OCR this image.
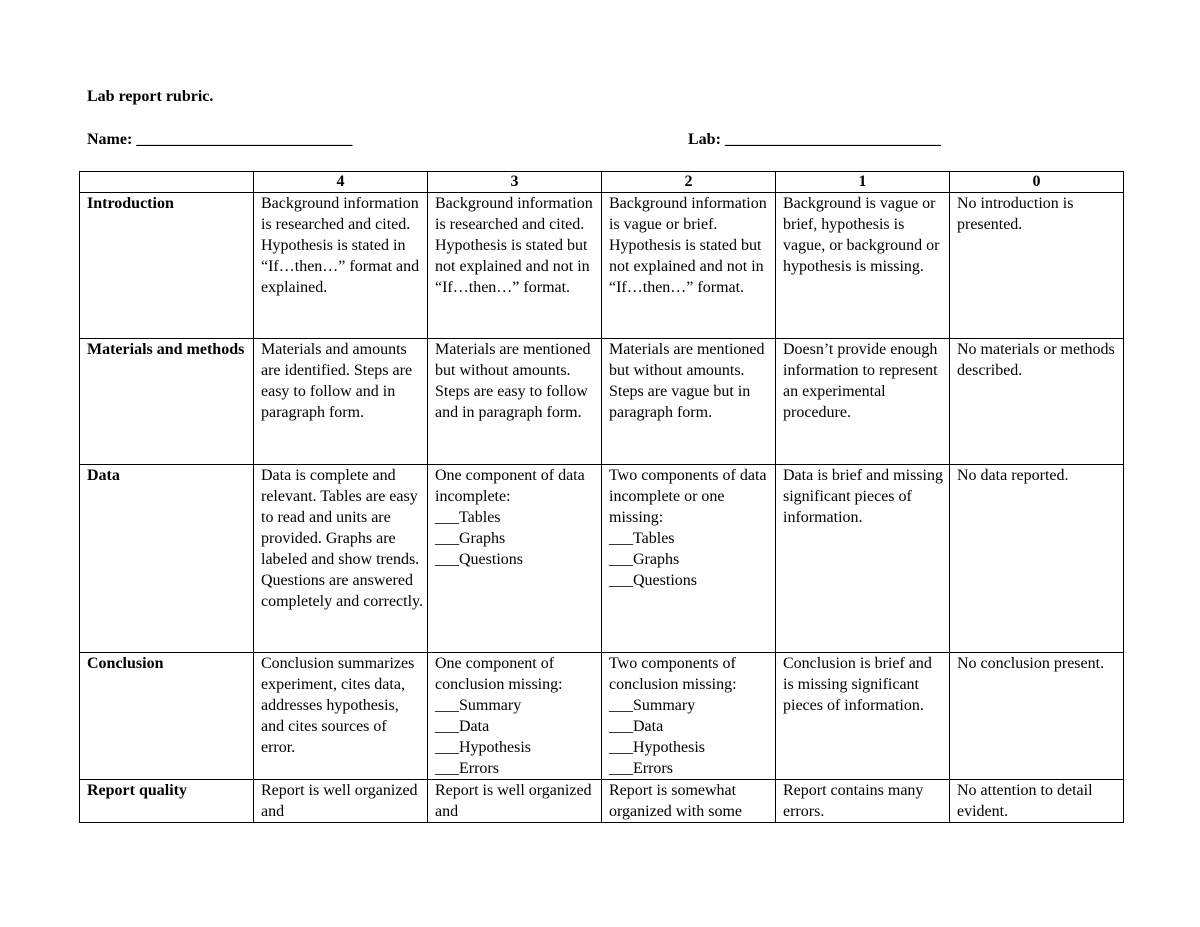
Lab report rubric.
Name: ___________________________	Lab: ___________________________
	4	3	2	1	0
Introduction	Background information is researched and cited. Hypothesis is stated in “If…then…” format and explained.	Background information is researched and cited. Hypothesis is stated but not explained and not in “If…then…” format.	Background information is vague or brief. Hypothesis is stated but not explained and not in “If…then…” format.	Background is vague or brief, hypothesis is vague, or background or hypothesis is missing.	No introduction is presented.

Materials and methods	Materials and amounts are identified. Steps are easy to follow and in paragraph form.	Materials are mentioned but without amounts. Steps are easy to follow and in paragraph form.	Materials are mentioned but without amounts. Steps are vague but in paragraph form.	Doesn’t provide enough information to represent an experimental procedure.	No materials or methods described.

Data	Data is complete and relevant. Tables are easy to read and units are provided. Graphs are labeled and show trends. Questions are answered completely and correctly.	One component of data incomplete:
___Tables
___Graphs
___Questions	Two components of data incomplete or one missing:
___Tables
___Graphs
___Questions	Data is brief and missing significant pieces of information.	No data reported.

Conclusion	Conclusion summarizes experiment, cites data, addresses hypothesis, and cites sources of error.	One component of conclusion missing:
___Summary
___Data
___Hypothesis
___Errors	Two components of conclusion missing:
___Summary
___Data
___Hypothesis
___Errors	Conclusion is brief and is missing significant pieces of information.	No conclusion present.

Report quality	Report is well organized and	Report is well organized and	Report is somewhat organized with some	Report contains many errors.	No attention to detail evident.
